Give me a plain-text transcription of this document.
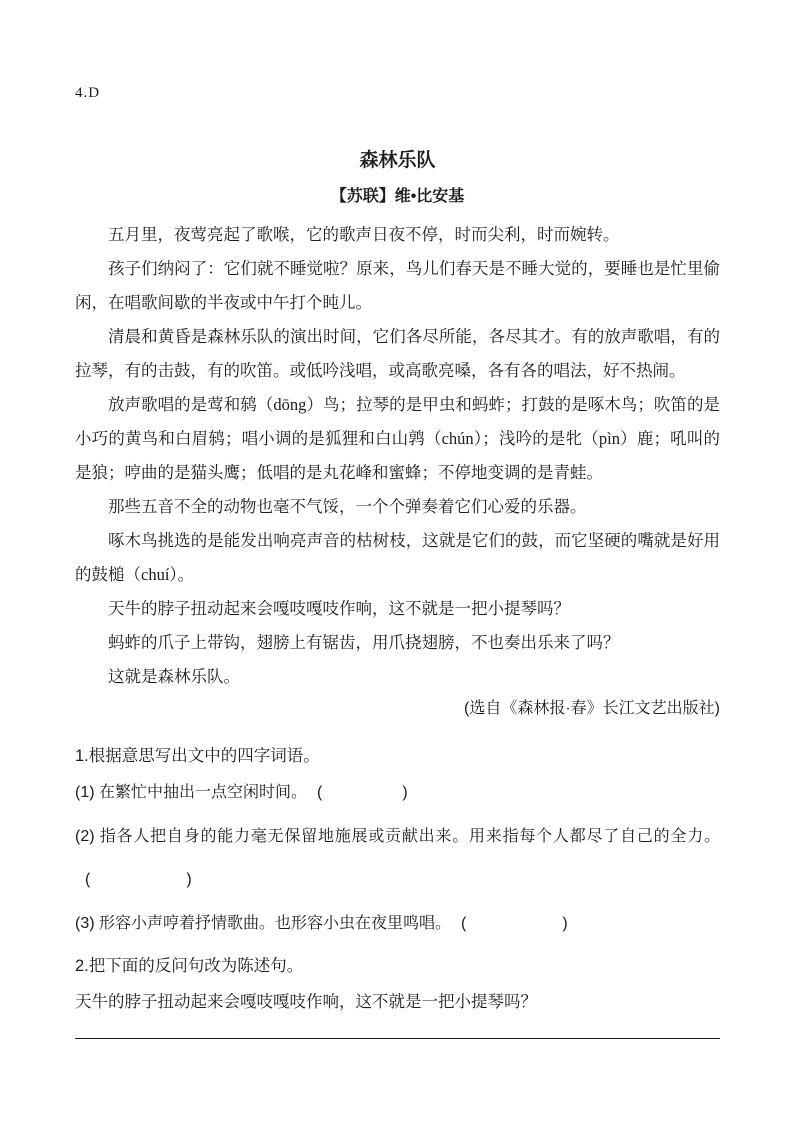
4.D
森林乐队
【苏联】维•比安基

五月里，夜莺亮起了歌喉，它的歌声日夜不停，时而尖利，时而婉转。

孩子们纳闷了：它们就不睡觉啦？原来，鸟儿们春天是不睡大觉的，要睡也是忙里偷闲，在唱歌间歇的半夜或中午打个盹儿。

清晨和黄昏是森林乐队的演出时间，它们各尽所能，各尽其才。有的放声歌唱，有的拉琴，有的击鼓，有的吹笛。或低吟浅唱，或高歌亮嗓，各有各的唱法，好不热闹。

放声歌唱的是莺和鸫（dōng）鸟；拉琴的是甲虫和蚂蚱；打鼓的是啄木鸟；吹笛的是小巧的黄鸟和白眉鸫；唱小调的是狐狸和白山鹑（chún）；浅吟的是牝（pìn）鹿；吼叫的是狼；哼曲的是猫头鹰；低唱的是丸花峰和蜜蜂；不停地变调的是青蛙。

那些五音不全的动物也毫不气馁，一个个弹奏着它们心爱的乐器。

啄木鸟挑选的是能发出响亮声音的枯树枝，这就是它们的鼓，而它坚硬的嘴就是好用的鼓槌（chuí）。

天牛的脖子扭动起来会嘎吱嘎吱作响，这不就是一把小提琴吗？

蚂蚱的爪子上带钩，翅膀上有锯齿，用爪挠翅膀，不也奏出乐来了吗？

这就是森林乐队。

(选自《森林报·春》长江文艺出版社)
1.根据意思写出文中的四字词语。
(1) 在繁忙中抽出一点空闲时间。 (　　　　　)
(2) 指各人把自身的能力毫无保留地施展或贡献出来。用来指每个人都尽了自己的全力。(　　　　　　)
(3) 形容小声哼着抒情歌曲。也形容小虫在夜里鸣唱。 (　　　　　　)
2.把下面的反问句改为陈述句。
天牛的脖子扭动起来会嘎吱嘎吱作响，这不就是一把小提琴吗？
